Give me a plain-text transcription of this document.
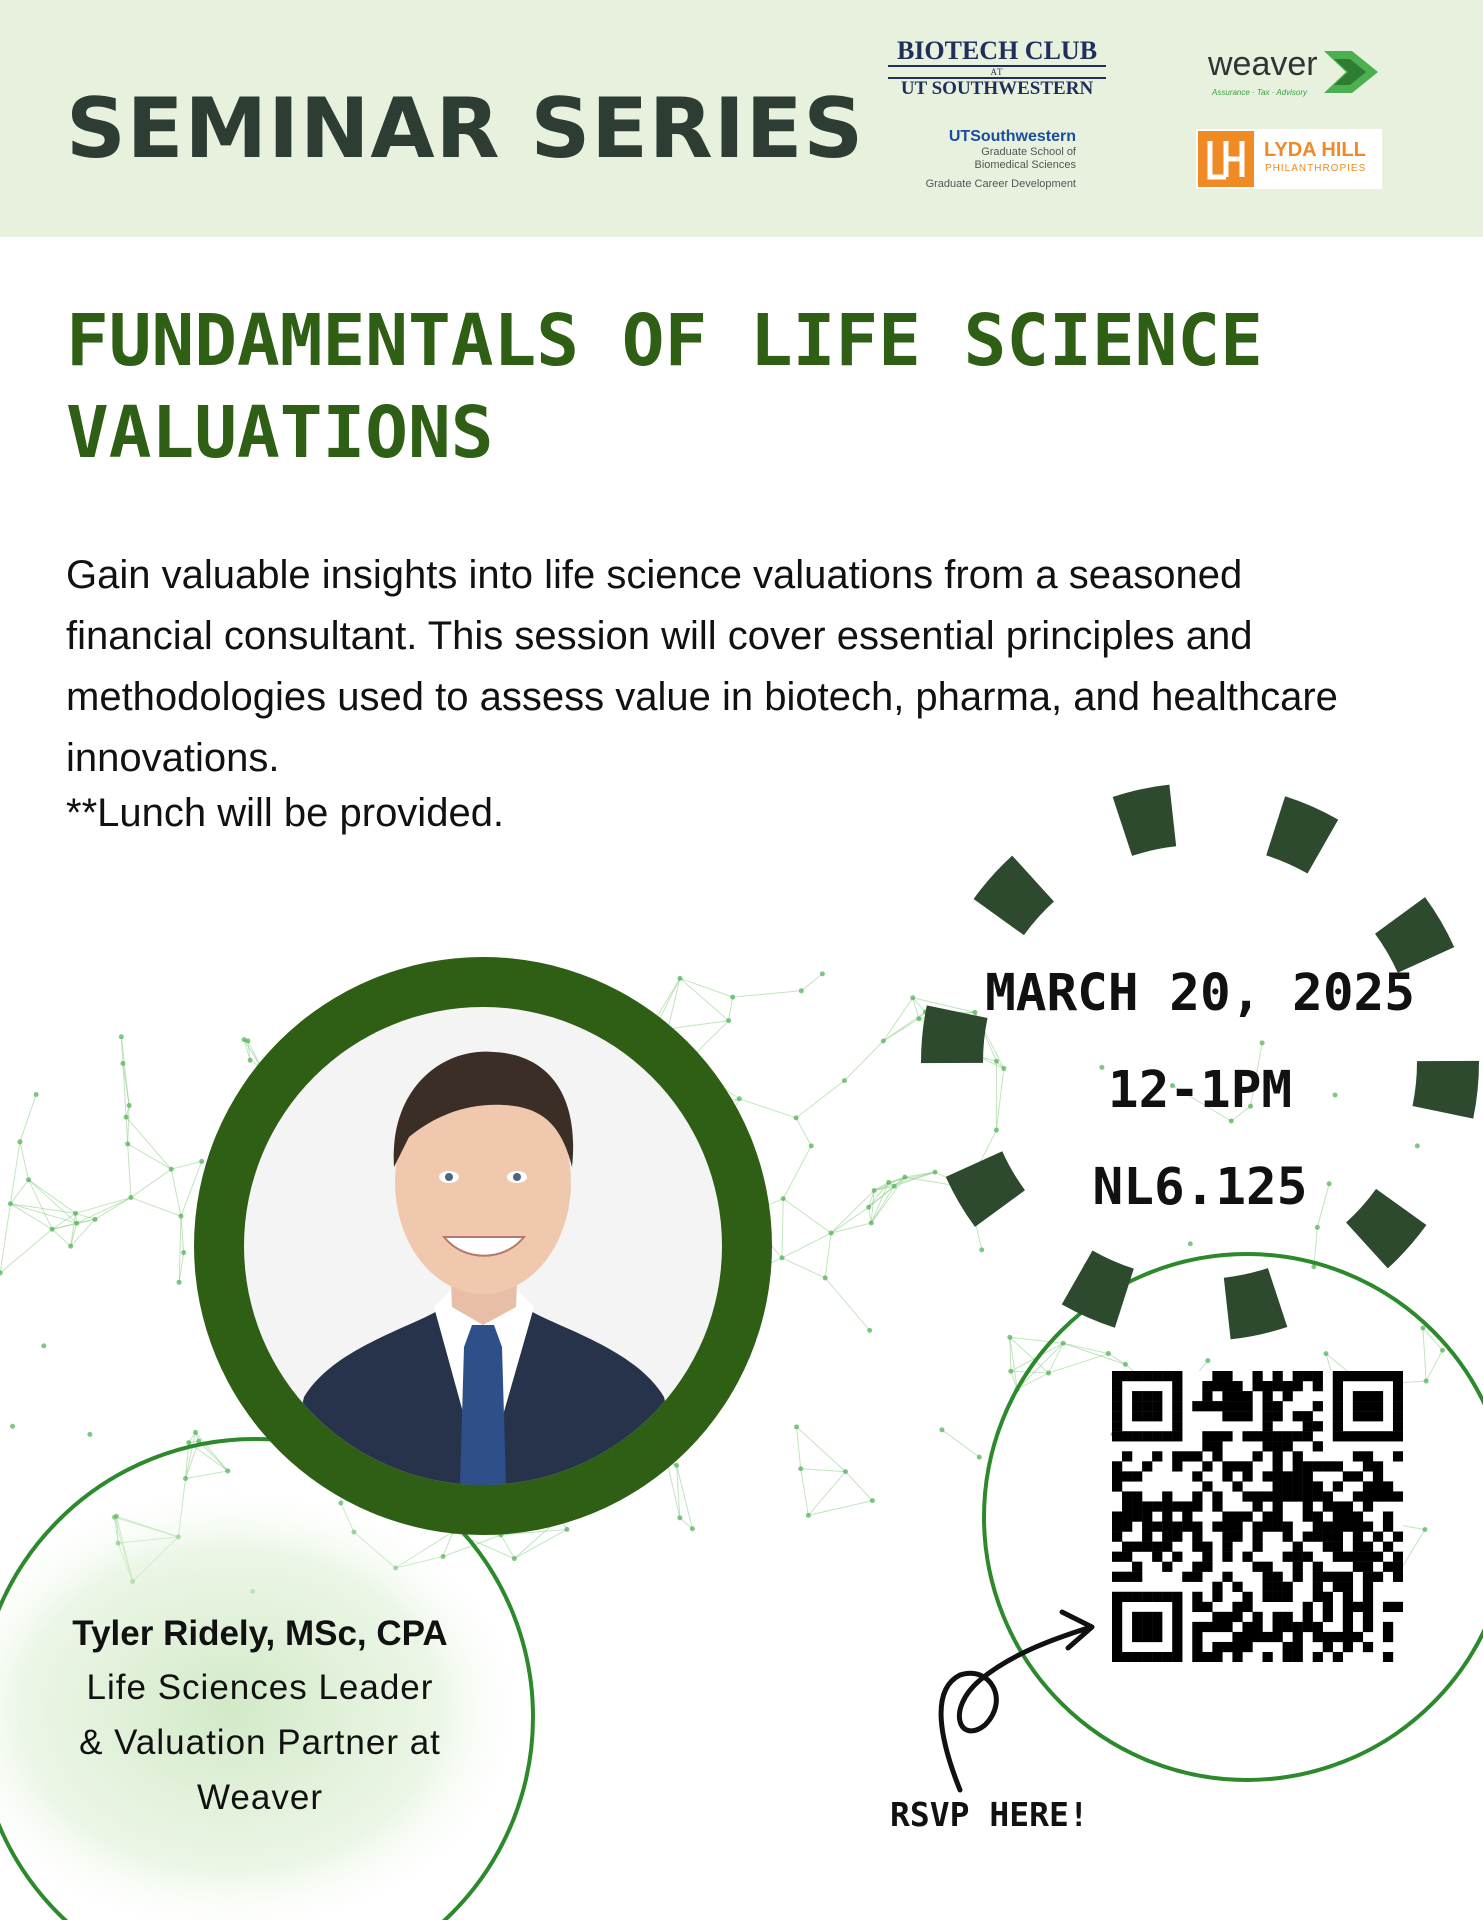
SEMINAR SERIES
BIOTECH CLUB
AT
UT SOUTHWESTERN
UTSouthwestern
Graduate School of
Biomedical Sciences
Graduate Career Development
weaver
Assurance · Tax · Advisory
LYDA HILL
PHILANTHROPIES
FUNDAMENTALS OF LIFE SCIENCE
VALUATIONS
Gain valuable insights into life science valuations from a seasoned financial consultant. This session will cover essential principles and methodologies used to assess value in biotech, pharma, and healthcare innovations.
**Lunch will be provided.
Tyler Ridely, MSc, CPA
Life Sciences Leader
& Valuation Partner at
Weaver
MARCH 20, 2025
12-1PM
NL6.125
RSVP HERE!
